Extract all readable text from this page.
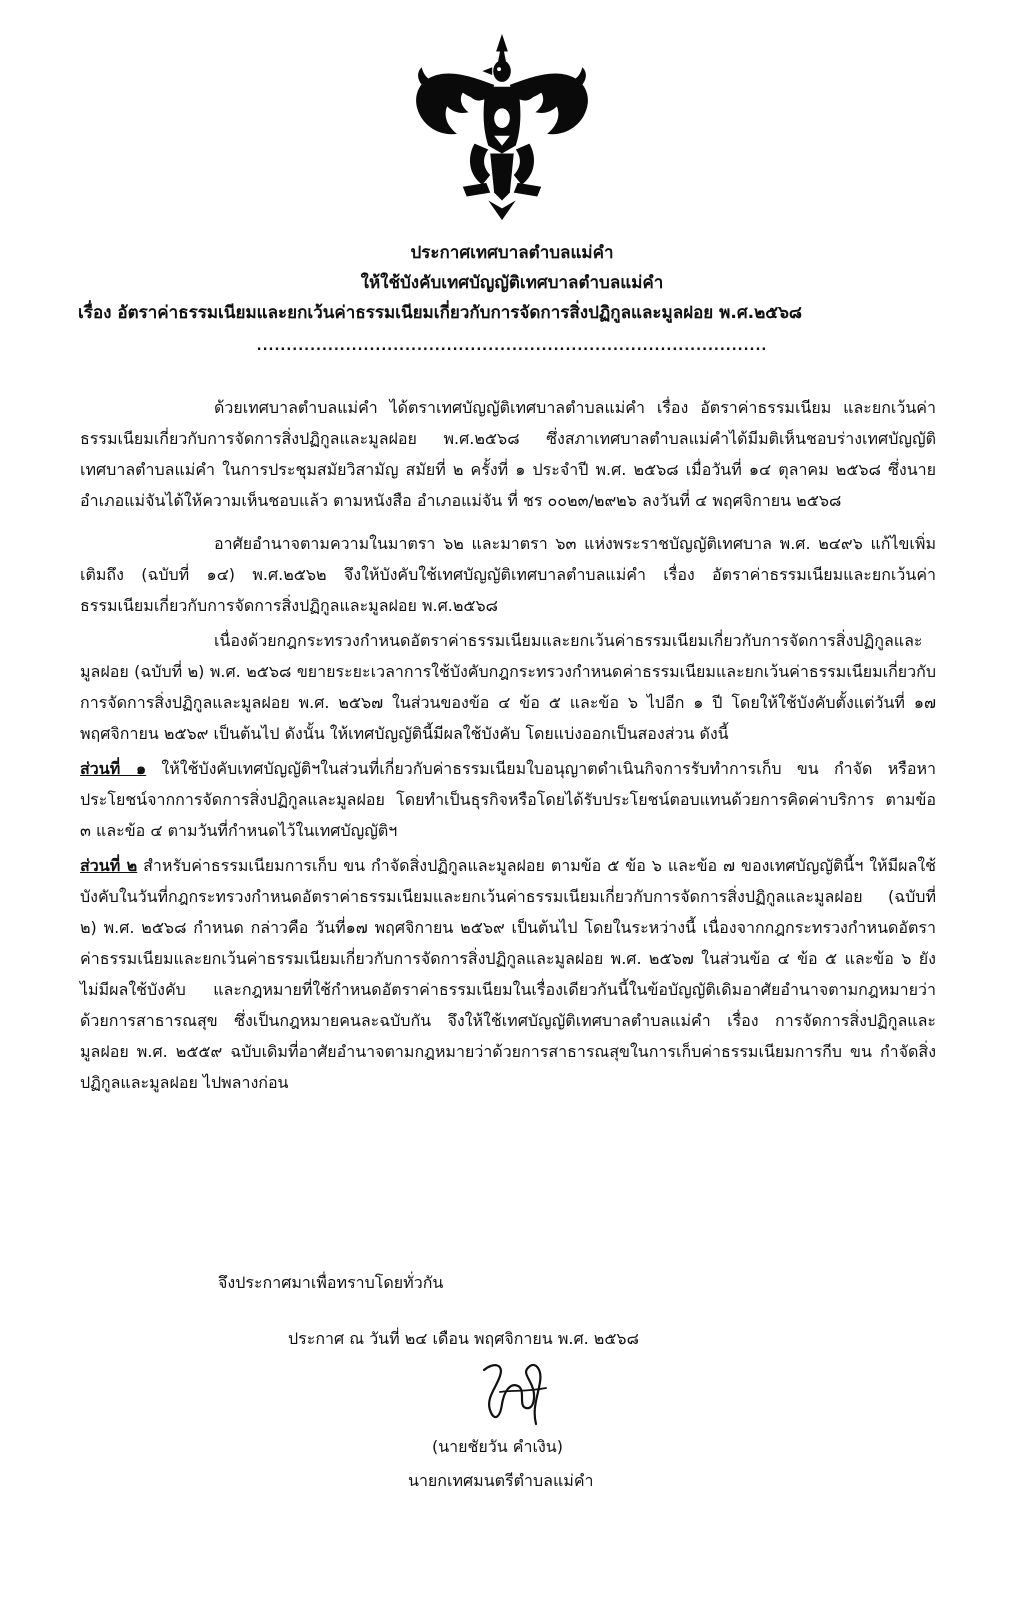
ประกาศเทศบาลตำบลแม่คำ
ให้ใช้บังคับเทศบัญญัติเทศบาลตำบลแม่คำ
เรื่อง อัตราค่าธรรมเนียมและยกเว้นค่าธรรมเนียมเกี่ยวกับการจัดการสิ่งปฏิกูลและมูลฝอย พ.ศ.๒๕๖๘
......................................................................................

ด้วยเทศบาลตำบลแม่คำ ได้ตราเทศบัญญัติเทศบาลตำบลแม่คำ เรื่อง อัตราค่าธรรมเนียม และยกเว้นค่าธรรมเนียมเกี่ยวกับการจัดการสิ่งปฏิกูลและมูลฝอย พ.ศ.๒๕๖๘ ซึ่งสภาเทศบาลตำบลแม่คำได้มีมติเห็นชอบร่างเทศบัญญัติเทศบาลตำบลแม่คำ ในการประชุมสมัยวิสามัญ สมัยที่ ๒ ครั้งที่ ๑ ประจำปี พ.ศ. ๒๕๖๘ เมื่อวันที่ ๑๔ ตุลาคม ๒๕๖๘ ซึ่งนายอำเภอแม่จันได้ให้ความเห็นชอบแล้ว ตามหนังสือ อำเภอแม่จัน ที่ ชร ๐๐๒๓/๒๙๒๖ ลงวันที่ ๔ พฤศจิกายน ๒๕๖๘

อาศัยอำนาจตามความในมาตรา ๖๒ และมาตรา ๖๓ แห่งพระราชบัญญัติเทศบาล พ.ศ. ๒๔๙๖ แก้ไขเพิ่มเติมถึง (ฉบับที่ ๑๔) พ.ศ.๒๕๖๒ จึงให้บังคับใช้เทศบัญญัติเทศบาลตำบลแม่คำ เรื่อง อัตราค่าธรรมเนียมและยกเว้นค่าธรรมเนียมเกี่ยวกับการจัดการสิ่งปฏิกูลและมูลฝอย พ.ศ.๒๕๖๘

เนื่องด้วยกฎกระทรวงกำหนดอัตราค่าธรรมเนียมและยกเว้นค่าธรรมเนียมเกี่ยวกับการจัดการสิ่งปฏิกูลและมูลฝอย (ฉบับที่ ๒) พ.ศ. ๒๕๖๘ ขยายระยะเวลาการใช้บังคับกฎกระทรวงกำหนดค่าธรรมเนียมและยกเว้นค่าธรรมเนียมเกี่ยวกับการจัดการสิ่งปฏิกูลและมูลฝอย พ.ศ. ๒๕๖๗ ในส่วนของข้อ ๔ ข้อ ๕ และข้อ ๖ ไปอีก ๑ ปี โดยให้ใช้บังคับตั้งแต่วันที่ ๑๗ พฤศจิกายน ๒๕๖๙ เป็นต้นไป ดังนั้น ให้เทศบัญญัตินี้มีผลใช้บังคับ โดยแบ่งออกเป็นสองส่วน ดังนี้

ส่วนที่ ๑ ให้ใช้บังคับเทศบัญญัติฯในส่วนที่เกี่ยวกับค่าธรรมเนียมใบอนุญาตดำเนินกิจการรับทำการเก็บ ขน กำจัด หรือหาประโยชน์จากการจัดการสิ่งปฏิกูลและมูลฝอย โดยทำเป็นธุรกิจหรือโดยได้รับประโยชน์ตอบแทนด้วยการคิดค่าบริการ ตามข้อ ๓ และข้อ ๔ ตามวันที่กำหนดไว้ในเทศบัญญัติฯ

ส่วนที่ ๒ สำหรับค่าธรรมเนียมการเก็บ ขน กำจัดสิ่งปฏิกูลและมูลฝอย ตามข้อ ๕ ข้อ ๖ และข้อ ๗ ของเทศบัญญัตินี้ฯ ให้มีผลใช้บังคับในวันที่กฎกระทรวงกำหนดอัตราค่าธรรมเนียมและยกเว้นค่าธรรมเนียมเกี่ยวกับการจัดการสิ่งปฏิกูลและมูลฝอย (ฉบับที่ ๒) พ.ศ. ๒๕๖๘ กำหนด กล่าวคือ วันที่๑๗ พฤศจิกายน ๒๕๖๙ เป็นต้นไป โดยในระหว่างนี้ เนื่องจากกฎกระทรวงกำหนดอัตราค่าธรรมเนียมและยกเว้นค่าธรรมเนียมเกี่ยวกับการจัดการสิ่งปฏิกูลและมูลฝอย พ.ศ. ๒๕๖๗ ในส่วนข้อ ๔ ข้อ ๕ และข้อ ๖ ยังไม่มีผลใช้บังคับ และกฎหมายที่ใช้กำหนดอัตราค่าธรรมเนียมในเรื่องเดียวกันนี้ในข้อบัญญัติเดิมอาศัยอำนาจตามกฎหมายว่าด้วยการสาธารณสุข ซึ่งเป็นกฎหมายคนละฉบับกัน จึงให้ใช้เทศบัญญัติเทศบาลตำบลแม่คำ เรื่อง การจัดการสิ่งปฏิกูลและมูลฝอย พ.ศ. ๒๕๕๙ ฉบับเดิมที่อาศัยอำนาจตามกฎหมายว่าด้วยการสาธารณสุขในการเก็บค่าธรรมเนียมการกีบ ขน กำจัดสิ่งปฏิกูลและมูลฝอย ไปพลางก่อน

จึงประกาศมาเพื่อทราบโดยทั่วกัน
ประกาศ ณ วันที่ ๒๔ เดือน พฤศจิกายน พ.ศ. ๒๕๖๘
(นายชัยวัน คำเงิน)
นายกเทศมนตรีตำบลแม่คำ
